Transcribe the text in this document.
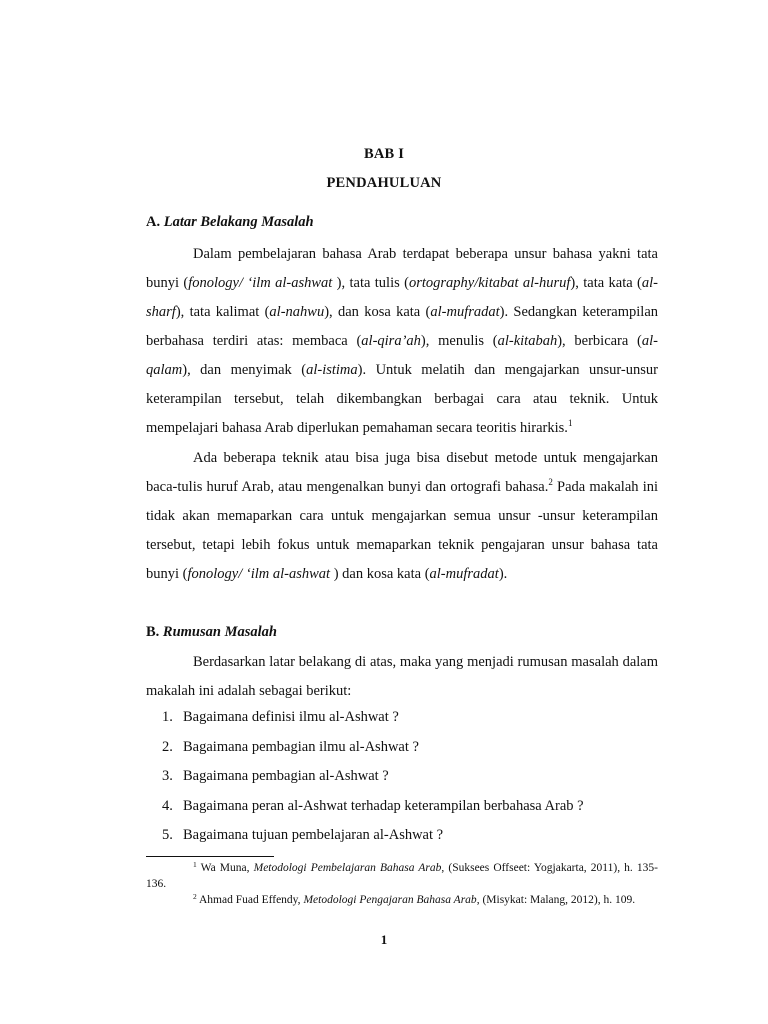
BAB I
PENDAHULUAN
A. Latar Belakang Masalah

Dalam pembelajaran bahasa Arab terdapat beberapa unsur bahasa yakni tata bunyi (fonology/ ‘ilm al-ashwat ), tata tulis (ortography/kitabat al-huruf), tata kata (al-sharf), tata kalimat (al-nahwu), dan kosa kata (al-mufradat). Sedangkan keterampilan berbahasa terdiri atas: membaca (al-qira’ah), menulis (al-kitabah), berbicara (al-qalam), dan menyimak (al-istima). Untuk melatih dan mengajarkan unsur-unsur keterampilan tersebut, telah dikembangkan berbagai cara atau teknik. Untuk mempelajari bahasa Arab diperlukan pemahaman secara teoritis hirarkis.$^1$

Ada beberapa teknik atau bisa juga bisa disebut metode untuk mengajarkan baca-tulis huruf Arab, atau mengenalkan bunyi dan ortografi bahasa.$^2$ Pada makalah ini tidak akan memaparkan cara untuk mengajarkan semua unsur -unsur keterampilan tersebut, tetapi lebih fokus untuk memaparkan teknik pengajaran unsur bahasa tata bunyi (fonology/ ‘ilm al-ashwat ) dan kosa kata (al-mufradat).

B. Rumusan Masalah

Berdasarkan latar belakang di atas, maka yang menjadi rumusan masalah dalam makalah ini adalah sebagai berikut:

1. Bagaimana definisi ilmu al-Ashwat ?
2. Bagaimana pembagian ilmu al-Ashwat ?
3. Bagaimana pembagian al-Ashwat ?
4. Bagaimana peran al-Ashwat terhadap keterampilan berbahasa Arab ?
5. Bagaimana tujuan pembelajaran al-Ashwat ?

$^1$ Wa Muna, Metodologi Pembelajaran Bahasa Arab, (Suksees Offseet: Yogjakarta, 2011), h. 135-136.

$^2$ Ahmad Fuad Effendy, Metodologi Pengajaran Bahasa Arab, (Misykat: Malang, 2012), h. 109.

1
